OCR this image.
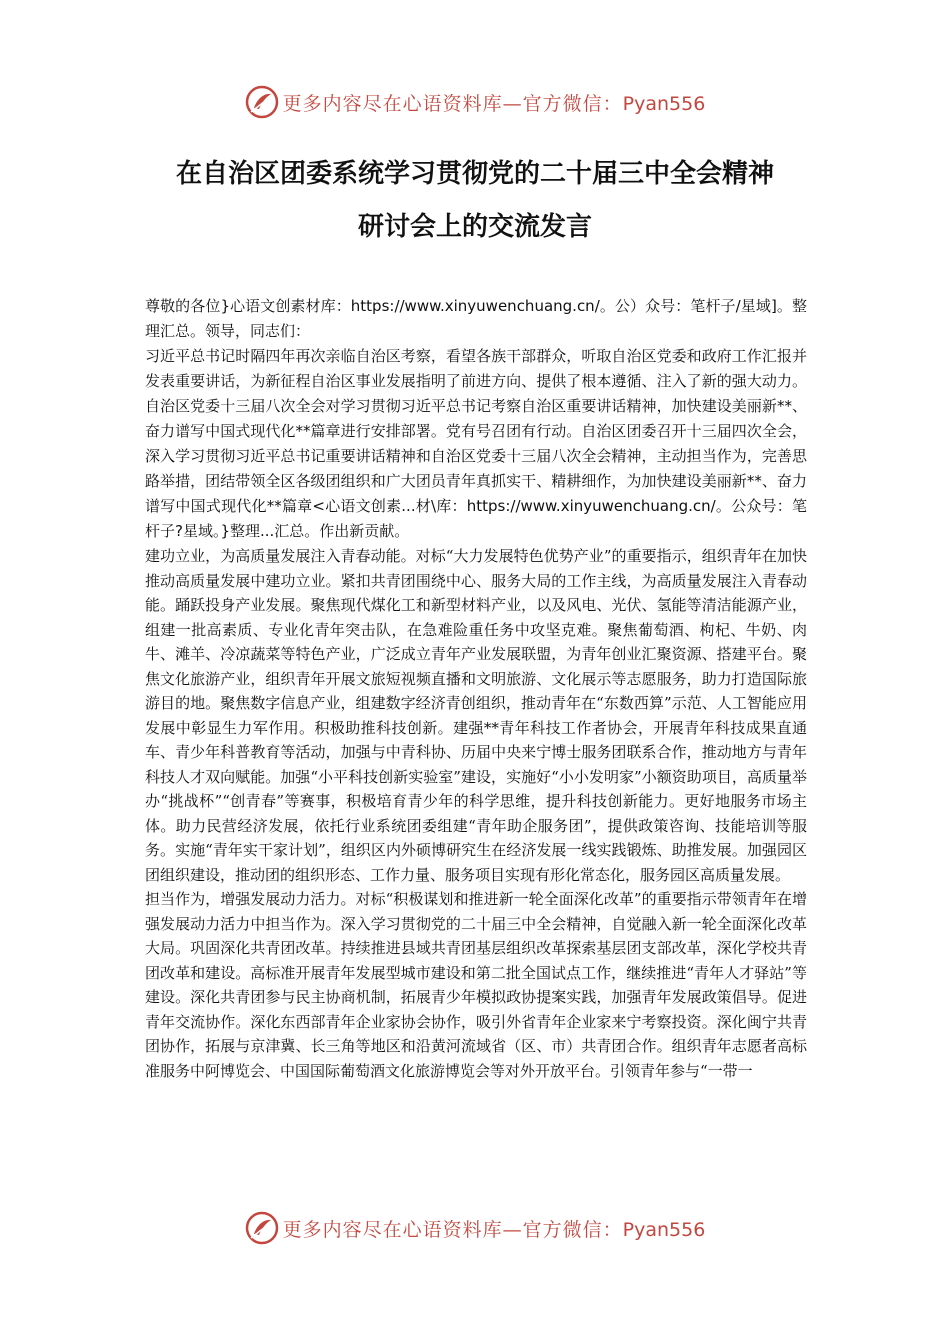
更多内容尽在心语资料库—官方微信：Pyan556
在自治区团委系统学习贯彻党的二十届三中全会精神
研讨会上的交流发言

尊敬的各位}心语文创素材库：https://www.xinyuwenchuang.cn/。公）众号：笔杆子/星域]。整理汇总。领导，同志们：

习近平总书记时隔四年再次亲临自治区考察，看望各族干部群众，听取自治区党委和政府工作汇报并发表重要讲话，为新征程自治区事业发展指明了前进方向、提供了根本遵循、注入了新的强大动力。自治区党委十三届八次全会对学习贯彻习近平总书记考察自治区重要讲话精神，加快建设美丽新**、奋力谱写中国式现代化**篇章进行安排部署。党有号召团有行动。自治区团委召开十三届四次全会，深入学习贯彻习近平总书记重要讲话精神和自治区党委十三届八次全会精神，主动担当作为，完善思路举措，团结带领全区各级团组织和广大团员青年真抓实干、精耕细作，为加快建设美丽新**、奋力谱写中国式现代化**篇章<心语文创素...材\库：https://www.xinyuwenchuang.cn/。公众号：笔杆子?星域。}整理...汇总。作出新贡献。

建功立业，为高质量发展注入青春动能。对标“大力发展特色优势产业”的重要指示，组织青年在加快推动高质量发展中建功立业。紧扣共青团围绕中心、服务大局的工作主线，为高质量发展注入青春动能。踊跃投身产业发展。聚焦现代煤化工和新型材料产业，以及风电、光伏、氢能等清洁能源产业，组建一批高素质、专业化青年突击队，在急难险重任务中攻坚克难。聚焦葡萄酒、枸杞、牛奶、肉牛、滩羊、冷凉蔬菜等特色产业，广泛成立青年产业发展联盟，为青年创业汇聚资源、搭建平台。聚焦文化旅游产业，组织青年开展文旅短视频直播和文明旅游、文化展示等志愿服务，助力打造国际旅游目的地。聚焦数字信息产业，组建数字经济青创组织，推动青年在“东数西算”示范、人工智能应用发展中彰显生力军作用。积极助推科技创新。建强**青年科技工作者协会，开展青年科技成果直通车、青少年科普教育等活动，加强与中青科协、历届中央来宁博士服务团联系合作，推动地方与青年科技人才双向赋能。加强“小平科技创新实验室”建设，实施好“小小发明家”小额资助项目，高质量举办“挑战杯”“创青春”等赛事，积极培育青少年的科学思维，提升科技创新能力。更好地服务市场主体。助力民营经济发展，依托行业系统团委组建“青年助企服务团”，提供政策咨询、技能培训等服务。实施“青年实干家计划”，组织区内外硕博研究生在经济发展一线实践锻炼、助推发展。加强园区团组织建设，推动团的组织形态、工作力量、服务项目实现有形化常态化，服务园区高质量发展。

担当作为，增强发展动力活力。对标“积极谋划和推进新一轮全面深化改革”的重要指示带领青年在增强发展动力活力中担当作为。深入学习贯彻党的二十届三中全会精神，自觉融入新一轮全面深化改革大局。巩固深化共青团改革。持续推进县域共青团基层组织改革探索基层团支部改革，深化学校共青团改革和建设。高标准开展青年发展型城市建设和第二批全国试点工作，继续推进“青年人才驿站”等建设。深化共青团参与民主协商机制，拓展青少年模拟政协提案实践，加强青年发展政策倡导。促进青年交流协作。深化东西部青年企业家协会协作，吸引外省青年企业家来宁考察投资。深化闽宁共青团协作，拓展与京津冀、长三角等地区和沿黄河流域省（区、市）共青团合作。组织青年志愿者高标准服务中阿博览会、中国国际葡萄酒文化旅游博览会等对外开放平台。引领青年参与“一带一

更多内容尽在心语资料库—官方微信：Pyan556
